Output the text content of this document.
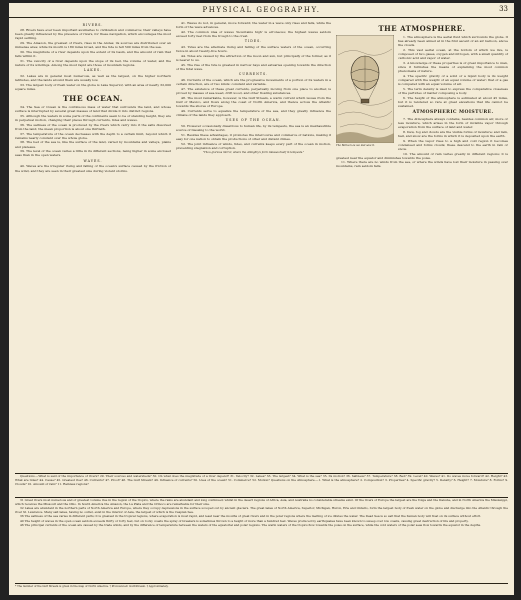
PHYSICAL GEOGRAPHY.	33
RIVERS.

28. Rivers have ever been important auxiliaries to civilization and commerce; their valleys have been greatly influenced by the presence of rivers, for these navigation, which encourages the most rapid settling.

29. The Amazon, the greatest of rivers, rises in the Andes; its sources are distributed over an immense area; while its mouth is 180 miles broad, and the tide is felt 500 miles from the sea.

30. The magnitude of a river depends upon the extent of its basin, and the amount of rain that falls within it.

31. The velocity of a river depends upon the slope of its bed, the volume of water, and the nature of its windings. Among the most rapid are those of mountain regions.

LAKES.

32. Lakes are in general most numerous, as well as the largest, on the higher northern latitudes, and the lands around them are usually low.

33. The largest body of fresh water on the globe is Lake Superior, with an area of nearly 32,000 square miles.

THE OCEAN.

34. The Sea or Ocean is the continuous mass of water that surrounds the land, and whose surface is interrupted by several great masses of land that divide it into distinct regions.

35. Although the waters in some parts of the continents seem to be of standing height, they are in perpetual motion, changing their places through currents, tides and waves.

36. The saltness of the ocean is produced by the rivers which carry into it the salts dissolved from the land; the mean proportion is about one thirtieth.

37. The temperature of the ocean decreases with the depth to a certain limit, beyond which it remains nearly constant over the whole globe.

38. The bed of the sea is, like the surface of the land, varied by mountains and valleys, plains and plateaus.

39. The level of the ocean varies a little in its different sections, being higher in some enclosed seas than in the open waters.

WAVES.

40. Waves are the irregular rising and falling of the ocean's surface caused by the friction of the wind, and they are seen in their greatest size during violent storms.

41. Waves do not, in general, move forward; the water in a wave only rises and falls, while the form of the wave advances.

42. The common idea of waves 'mountains high' is erroneous; the highest waves seldom exceed forty feet from the trough to the crest.

TIDES.

43. Tides are the alternate rising and falling of the surface waters of the ocean, occurring twice in about twenty-five hours.

44. Tides are caused by the attraction of the moon and sun, but principally of the former, as it is nearer to us.

45. The rise of the tide is greatest in narrow bays and estuaries opening towards the direction of the tidal wave.

CURRENTS.

46. Currents of the ocean, which are the progressive movements of a portion of its waters in a certain direction, are of two kinds: constant and variable.

47. The existence of these great currents, perpetually moving from one place to another, is proved by masses of sea-weed, drift wood, and other floating substances.

48. The most remarkable, however, is the Gulf Stream, a warm current which issues from the Gulf of Mexico, and flows along the coast of North America, and thence across the Atlantic towards the shores of Europe.

49. Currents serve to equalize the temperature of the sea, and they greatly influence the climate of the lands they approach.

USES OF THE OCEAN.

50. However occasionally disastrous to human life, by its tempests, the sea is an inexhaustible source of blessing to the world.

51. Besides these advantages, it promotes the intercourse and commerce of nations, making it easy for one nation to obtain the productions of other and distant climes.

52. The joint influence of winds, tides, and currents keeps every part of the ocean in motion, preventing stagnation and corruption.

"Thou glorious mirror, where the Almighty's form Glasses itself in tempests."
THE ATMOSPHERE.
The Balloon as we last saw it.

1. The atmosphere is the aerial fluid which surrounds the globe. It has already been aimed at in the first ascent of an air balloon, above the clouds.

2. This vast aerial ocean, at the bottom of which we live, is composed of two gases, oxygen and nitrogen, with a small quantity of carbonic acid and vapor of water.

3. A knowledge of these properties is of great importance to man, since it furnishes the means of explaining the most common phenomena of nature.

4. The specific gravity of a solid or a liquid body is its weight compared with the weight of an equal volume of water; that of a gas is compared with an equal volume of air.

5. The term density is used to express the comparative closeness of the particles of matter composing a body.

6. The height of the atmosphere is estimated at about 45 miles, but it is rendered so rare at great elevations that life cannot be sustained.

ATMOSPHERIC MOISTURE.

7. The Atmosphere always contains, besides common air, more or less moisture, which arises in the form of invisible vapor through evaporation from the surface of land and water.

8. Dew, fog and clouds are the visible forms of moisture; and rain, hail, and snow are the forms in which it is deposited upon the earth.

9. When the vapor rises to a high and cold region it becomes condensed and forms clouds; these descend to the earth in rain or snow.

10. The amount of rain varies greatly in different regions; it is greatest near the equator and diminishes towards the poles.

11. Where there are no winds from the sea, or where the winds have lost their moisture in passing over mountains, rain seldom falls.

Questions.—What is said of the importance of rivers? 29. Their sources and watersheds? 30. On what does the magnitude of a river depend? 31. Velocity? 32. Lakes? 33. The largest? 34. What is the sea? 35. Its motion? 36. Saltness? 37. Temperature? 38. Bed? 39. Level? 40. Waves? 41. Do waves move forward? 42. Height? 43. What are tides? 44. Cause? 45. Greatest rise? 46. Currents? 47. Proof? 48. The Gulf Stream? 49. Influence of currents? 50. Uses of the ocean? 51. Commerce? 52. Motion? Questions on the Atmosphere.—1. What is the atmosphere? 2. Composition? 3. Properties? 4. Specific gravity? 5. Density? 6. Height? 7. Moisture? 8. Forms? 9. Clouds? 10. Amount of rain? 11. Rainless regions?

31 Great rivers most numerous and of greatest volume rise in the region of the tropics, where the rains are abundant and long continued; whilst in the desert regions of Africa, Asia, and Australia no considerable streams exist. Of the rivers of Europe the largest are the Volga and the Danube, and in North America the Mississippi, which receives the Missouri and the Ohio. In South America the Amazon, the La Plata and the Orinoco are remarkable for their size.

32 Lakes are abundant in the northern parts of North America and Europe, where they occupy depressions in the surface scooped out by ancient glaciers. The great lakes of North America, Superior, Michigan, Huron, Erie and Ontario, form the largest body of fresh water on the globe and discharge into the Atlantic through the river St. Lawrence. Many salt lakes, having no outlet, exist in the interior of Asia, the largest of which is the Caspian Sea.

36 The saltness of the sea varies in different parts; it is greatest in the tropical regions, where evaporation is most rapid, and least near the mouths of great rivers and in the polar regions where the melting of ice dilutes the water. The Dead Sea is so salt that the human body will float on its surface without effort.

40 The height of waves in the open ocean seldom exceeds thirty or forty feet, but on rocky coasts the spray of breakers is sometimes thrown to a height of more than a hundred feet. Waves produced by earthquakes have been known to sweep over low coasts, causing great destruction of life and property.

46 The principal currents of the ocean are caused by the trade winds, and by the difference of temperature between the waters of the equatorial and polar regions. The warm waters of the tropics flow towards the poles on the surface, while the cold waters of the polar seas flow towards the equator in the depths.

* The number of the Gulf Stream is given in the map of North America. † Pronounced: Gulf-Stream. ‡ Approximately.
